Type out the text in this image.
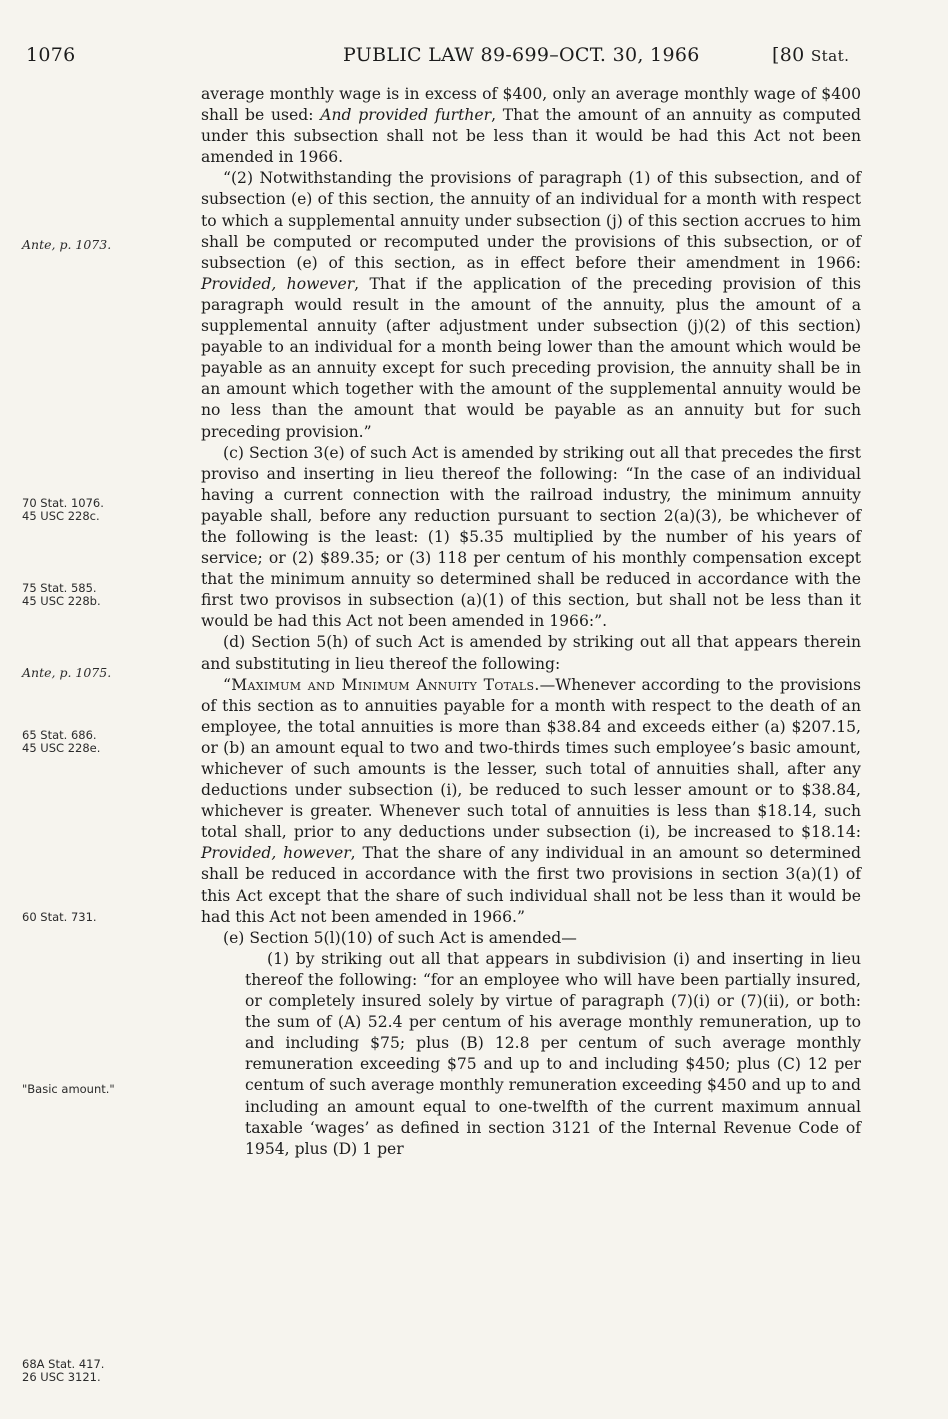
1076	PUBLIC LAW 89-699–OCT. 30, 1966	[80 Stat.
Ante, p. 1073.
70 Stat. 1076.
45 USC 228c.
75 Stat. 585.
45 USC 228b.
Ante, p. 1075.
65 Stat. 686.
45 USC 228e.
60 Stat. 731.
"Basic amount."
68A Stat. 417.
26 USC 3121.

average monthly wage is in excess of $400, only an average monthly wage of $400 shall be used: And provided further, That the amount of an annuity as computed under this subsection shall not be less than it would be had this Act not been amended in 1966.

“(2) Notwithstanding the provisions of paragraph (1) of this subsection, and of subsection (e) of this section, the annuity of an individual for a month with respect to which a supplemental annuity under subsection (j) of this section accrues to him shall be computed or recomputed under the provisions of this subsection, or of subsection (e) of this section, as in effect before their amendment in 1966: Provided, however, That if the application of the preceding provision of this paragraph would result in the amount of the annuity, plus the amount of a supplemental annuity (after adjustment under subsection (j)(2) of this section) payable to an individual for a month being lower than the amount which would be payable as an annuity except for such preceding provision, the annuity shall be in an amount which together with the amount of the supplemental annuity would be no less than the amount that would be payable as an annuity but for such preceding provision.”

(c) Section 3(e) of such Act is amended by striking out all that precedes the first proviso and inserting in lieu thereof the following: “In the case of an individual having a current connection with the railroad industry, the minimum annuity payable shall, before any reduction pursuant to section 2(a)(3), be whichever of the following is the least: (1) $5.35 multiplied by the number of his years of service; or (2) $89.35; or (3) 118 per centum of his monthly compensation except that the minimum annuity so determined shall be reduced in accordance with the first two provisos in subsection (a)(1) of this section, but shall not be less than it would be had this Act not been amended in 1966:”.

(d) Section 5(h) of such Act is amended by striking out all that appears therein and substituting in lieu thereof the following:

“Maximum and Minimum Annuity Totals.—Whenever according to the provisions of this section as to annuities payable for a month with respect to the death of an employee, the total annuities is more than $38.84 and exceeds either (a) $207.15, or (b) an amount equal to two and two-thirds times such employee’s basic amount, whichever of such amounts is the lesser, such total of annuities shall, after any deductions under subsection (i), be reduced to such lesser amount or to $38.84, whichever is greater. Whenever such total of annuities is less than $18.14, such total shall, prior to any deductions under subsection (i), be increased to $18.14: Provided, however, That the share of any individual in an amount so determined shall be reduced in accordance with the first two provisions in section 3(a)(1) of this Act except that the share of such individual shall not be less than it would be had this Act not been amended in 1966.”

(e) Section 5(l)(10) of such Act is amended—

(1) by striking out all that appears in subdivision (i) and inserting in lieu thereof the following: “for an employee who will have been partially insured, or completely insured solely by virtue of paragraph (7)(i) or (7)(ii), or both: the sum of (A) 52.4 per centum of his average monthly remuneration, up to and including $75; plus (B) 12.8 per centum of such average monthly remuneration exceeding $75 and up to and including $450; plus (C) 12 per centum of such average monthly remuneration exceeding $450 and up to and including an amount equal to one-twelfth of the current maximum annual taxable ‘wages’ as defined in section 3121 of the Internal Revenue Code of 1954, plus (D) 1 per
